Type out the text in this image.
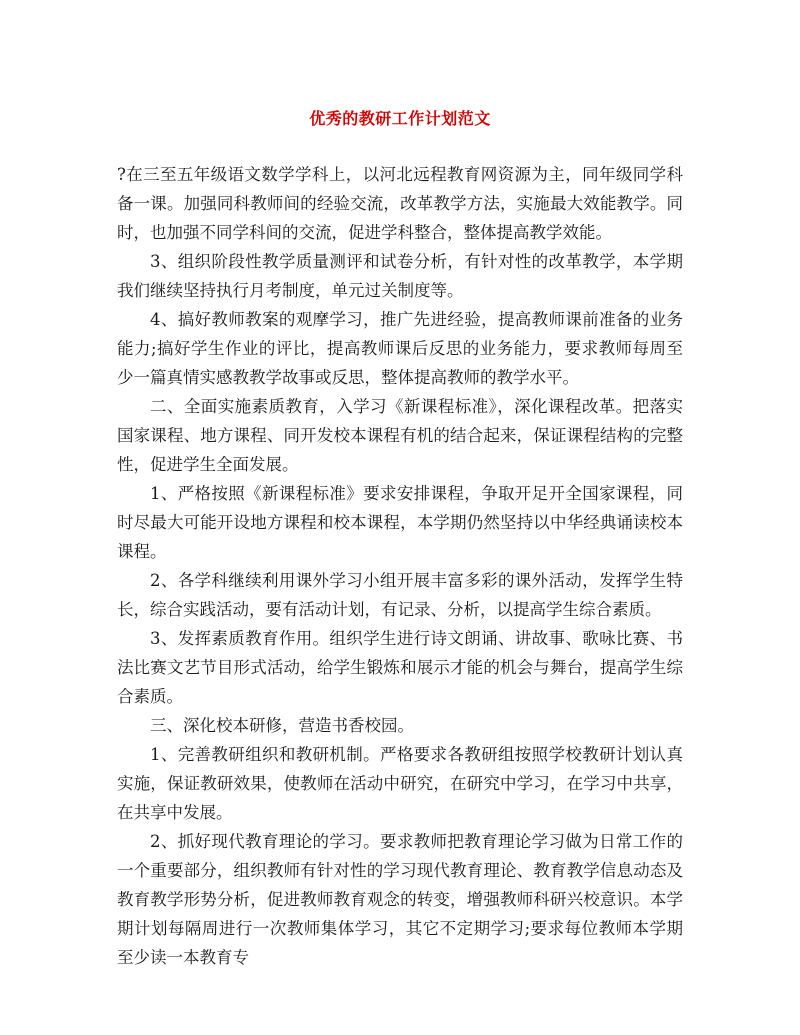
优秀的教研工作计划范文

?在三至五年级语文数学学科上，以河北远程教育网资源为主，同年级同学科备一课。加强同科教师间的经验交流，改革教学方法，实施最大效能教学。同时，也加强不同学科间的交流，促进学科整合，整体提高教学效能。

3、组织阶段性教学质量测评和试卷分析，有针对性的改革教学，本学期我们继续坚持执行月考制度，单元过关制度等。

4、搞好教师教案的观摩学习，推广先进经验，提高教师课前准备的业务能力;搞好学生作业的评比，提高教师课后反思的业务能力，要求教师每周至少一篇真情实感教教学故事或反思，整体提高教师的教学水平。

二、全面实施素质教育，入学习《新课程标准》，深化课程改革。把落实国家课程、地方课程、同开发校本课程有机的结合起来，保证课程结构的完整性，促进学生全面发展。

1、严格按照《新课程标准》要求安排课程，争取开足开全国家课程，同时尽最大可能开设地方课程和校本课程，本学期仍然坚持以中华经典诵读校本课程。

2、各学科继续利用课外学习小组开展丰富多彩的课外活动，发挥学生特长，综合实践活动，要有活动计划，有记录、分析，以提高学生综合素质。

3、发挥素质教育作用。组织学生进行诗文朗诵、讲故事、歌咏比赛、书法比赛文艺节目形式活动，给学生锻炼和展示才能的机会与舞台，提高学生综合素质。

三、深化校本研修，营造书香校园。

1、完善教研组织和教研机制。严格要求各教研组按照学校教研计划认真实施，保证教研效果，使教师在活动中研究，在研究中学习，在学习中共享，在共享中发展。

2、抓好现代教育理论的学习。要求教师把教育理论学习做为日常工作的一个重要部分，组织教师有针对性的学习现代教育理论、教育教学信息动态及教育教学形势分析，促进教师教育观念的转变，增强教师科研兴校意识。本学期计划每隔周进行一次教师集体学习，其它不定期学习;要求每位教师本学期至少读一本教育专
